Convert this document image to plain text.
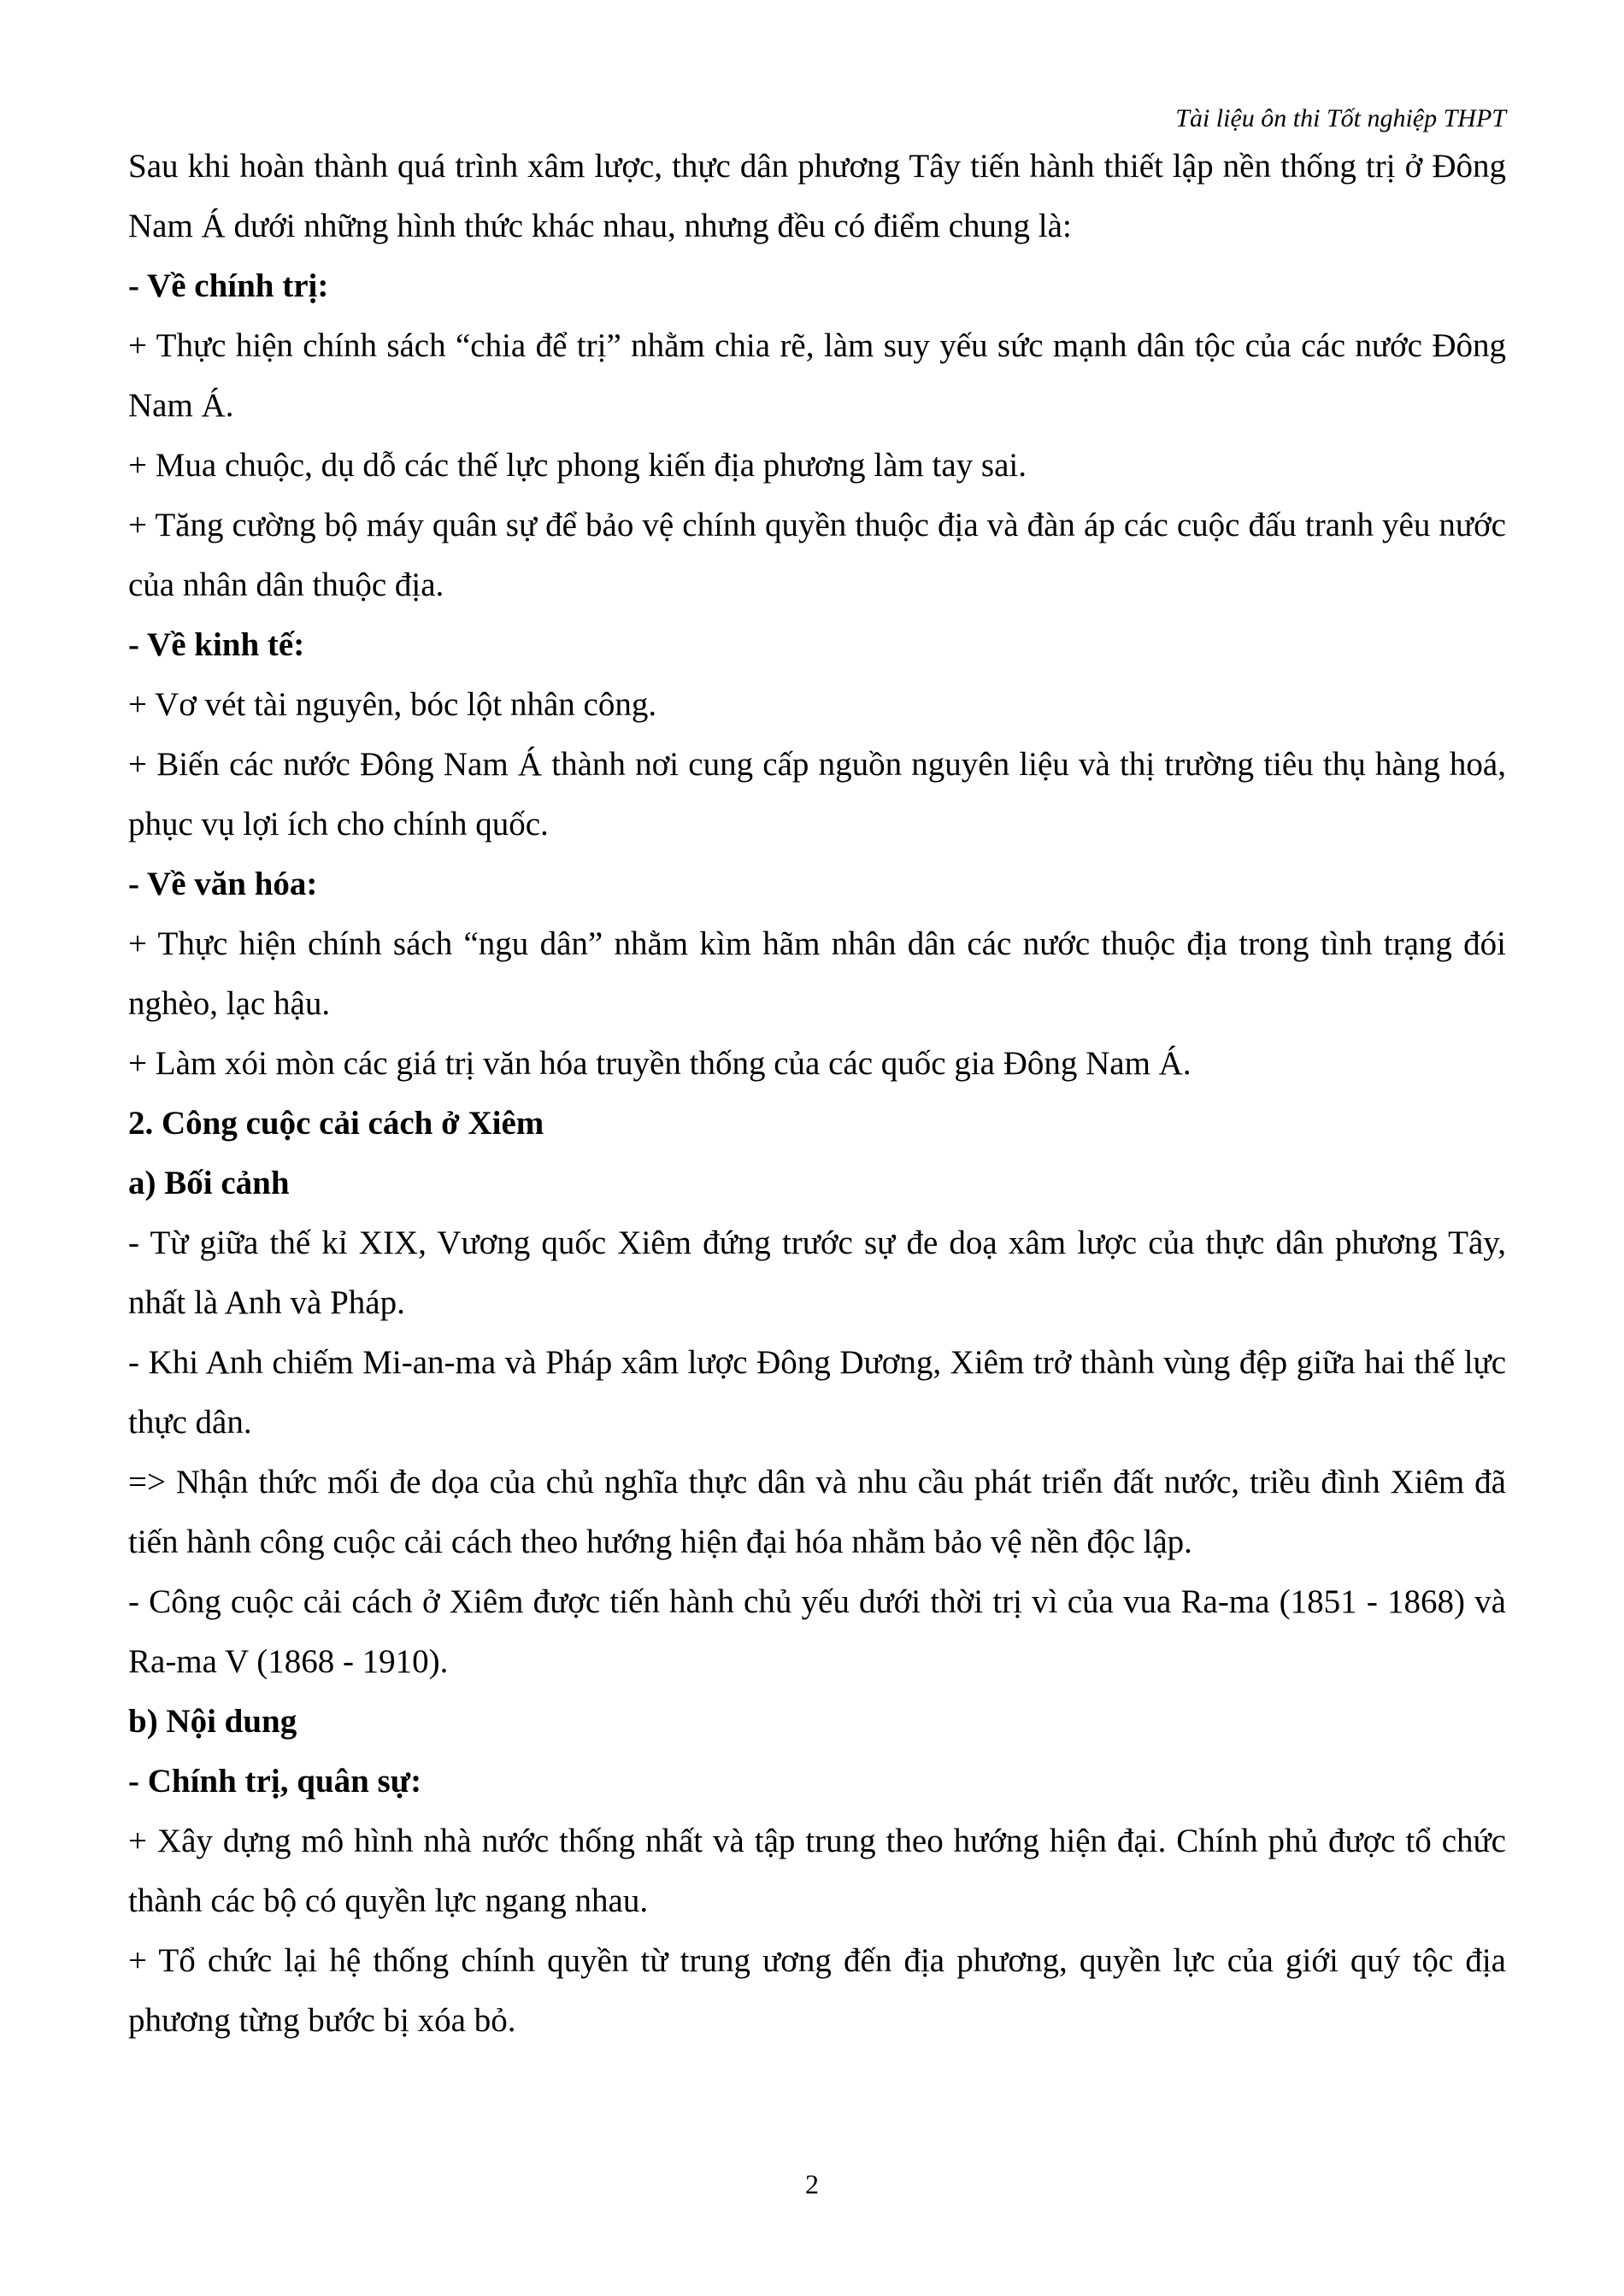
Tài liệu ôn thi Tốt nghiệp THPT

Sau khi hoàn thành quá trình xâm lược, thực dân phương Tây tiến hành thiết lập nền thống trị ở Đông Nam Á dưới những hình thức khác nhau, nhưng đều có điểm chung là:

- Về chính trị:

+ Thực hiện chính sách “chia để trị” nhằm chia rẽ, làm suy yếu sức mạnh dân tộc của các nước Đông Nam Á.

+ Mua chuộc, dụ dỗ các thế lực phong kiến địa phương làm tay sai.

+ Tăng cường bộ máy quân sự để bảo vệ chính quyền thuộc địa và đàn áp các cuộc đấu tranh yêu nước của nhân dân thuộc địa.

- Về kinh tế:

+ Vơ vét tài nguyên, bóc lột nhân công.

+ Biến các nước Đông Nam Á thành nơi cung cấp nguồn nguyên liệu và thị trường tiêu thụ hàng hoá, phục vụ lợi ích cho chính quốc.

- Về văn hóa:

+ Thực hiện chính sách “ngu dân” nhằm kìm hãm nhân dân các nước thuộc địa trong tình trạng đói nghèo, lạc hậu.

+ Làm xói mòn các giá trị văn hóa truyền thống của các quốc gia Đông Nam Á.

2. Công cuộc cải cách ở Xiêm

a) Bối cảnh

- Từ giữa thế kỉ XIX, Vương quốc Xiêm đứng trước sự đe doạ xâm lược của thực dân phương Tây, nhất là Anh và Pháp.

- Khi Anh chiếm Mi-an-ma và Pháp xâm lược Đông Dương, Xiêm trở thành vùng đệp giữa hai thế lực thực dân.

=> Nhận thức mối đe dọa của chủ nghĩa thực dân và nhu cầu phát triển đất nước, triều đình Xiêm đã tiến hành công cuộc cải cách theo hướng hiện đại hóa nhằm bảo vệ nền độc lập.

- Công cuộc cải cách ở Xiêm được tiến hành chủ yếu dưới thời trị vì của vua Ra-ma (1851 - 1868) và Ra-ma V (1868 - 1910).

b) Nội dung

- Chính trị, quân sự:

+ Xây dựng mô hình nhà nước thống nhất và tập trung theo hướng hiện đại. Chính phủ được tổ chức thành các bộ có quyền lực ngang nhau.

+ Tổ chức lại hệ thống chính quyền từ trung ương đến địa phương, quyền lực của giới quý tộc địa phương từng bước bị xóa bỏ.

2
